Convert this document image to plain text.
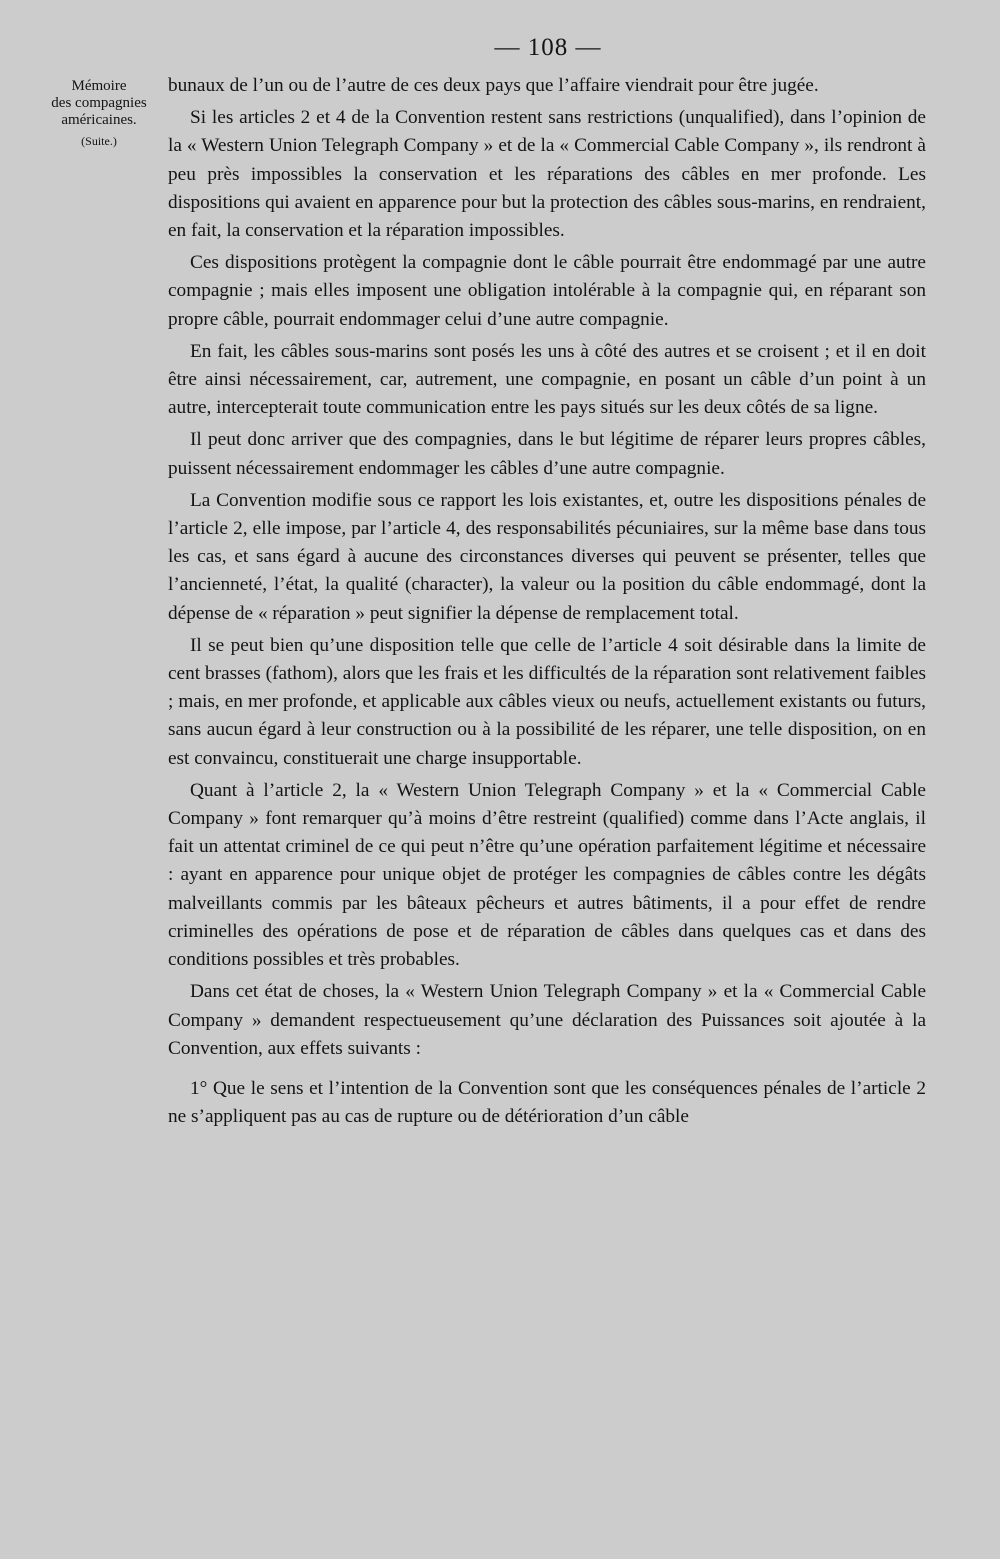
— 108 —
Mémoire
des compagnies
américaines.
(Suite.)

bunaux de l’un ou de l’autre de ces deux pays que l’affaire viendrait pour être jugée.

Si les articles 2 et 4 de la Convention restent sans restrictions (unqualified), dans l’opinion de la « Western Union Telegraph Company » et de la « Commercial Cable Company », ils rendront à peu près impossibles la conservation et les réparations des câbles en mer profonde. Les dispositions qui avaient en apparence pour but la protection des câbles sous-marins, en rendraient, en fait, la conservation et la réparation impossibles.

Ces dispositions protègent la compagnie dont le câble pourrait être endommagé par une autre compagnie ; mais elles imposent une obligation intolérable à la compagnie qui, en réparant son propre câble, pourrait endommager celui d’une autre compagnie.

En fait, les câbles sous-marins sont posés les uns à côté des autres et se croisent ; et il en doit être ainsi nécessairement, car, autrement, une compagnie, en posant un câble d’un point à un autre, intercepterait toute communication entre les pays situés sur les deux côtés de sa ligne.

Il peut donc arriver que des compagnies, dans le but légitime de réparer leurs propres câbles, puissent nécessairement endommager les câbles d’une autre compagnie.

La Convention modifie sous ce rapport les lois existantes, et, outre les dispositions pénales de l’article 2, elle impose, par l’article 4, des responsabilités pécuniaires, sur la même base dans tous les cas, et sans égard à aucune des circonstances diverses qui peuvent se présenter, telles que l’ancienneté, l’état, la qualité (character), la valeur ou la position du câble endommagé, dont la dépense de « réparation » peut signifier la dépense de remplacement total.

Il se peut bien qu’une disposition telle que celle de l’article 4 soit désirable dans la limite de cent brasses (fathom), alors que les frais et les difficultés de la réparation sont relativement faibles ; mais, en mer profonde, et applicable aux câbles vieux ou neufs, actuellement existants ou futurs, sans aucun égard à leur construction ou à la possibilité de les réparer, une telle disposition, on en est convaincu, constituerait une charge insupportable.

Quant à l’article 2, la « Western Union Telegraph Company » et la « Commercial Cable Company » font remarquer qu’à moins d’être restreint (qualified) comme dans l’Acte anglais, il fait un attentat criminel de ce qui peut n’être qu’une opération parfaitement légitime et nécessaire : ayant en apparence pour unique objet de protéger les compagnies de câbles contre les dégâts malveillants commis par les bâteaux pêcheurs et autres bâtiments, il a pour effet de rendre criminelles des opérations de pose et de réparation de câbles dans quelques cas et dans des conditions possibles et très probables.

Dans cet état de choses, la « Western Union Telegraph Company » et la « Commercial Cable Company » demandent respectueusement qu’une déclaration des Puissances soit ajoutée à la Convention, aux effets suivants :

1° Que le sens et l’intention de la Convention sont que les conséquences pénales de l’article 2 ne s’appliquent pas au cas de rupture ou de détérioration d’un câble
